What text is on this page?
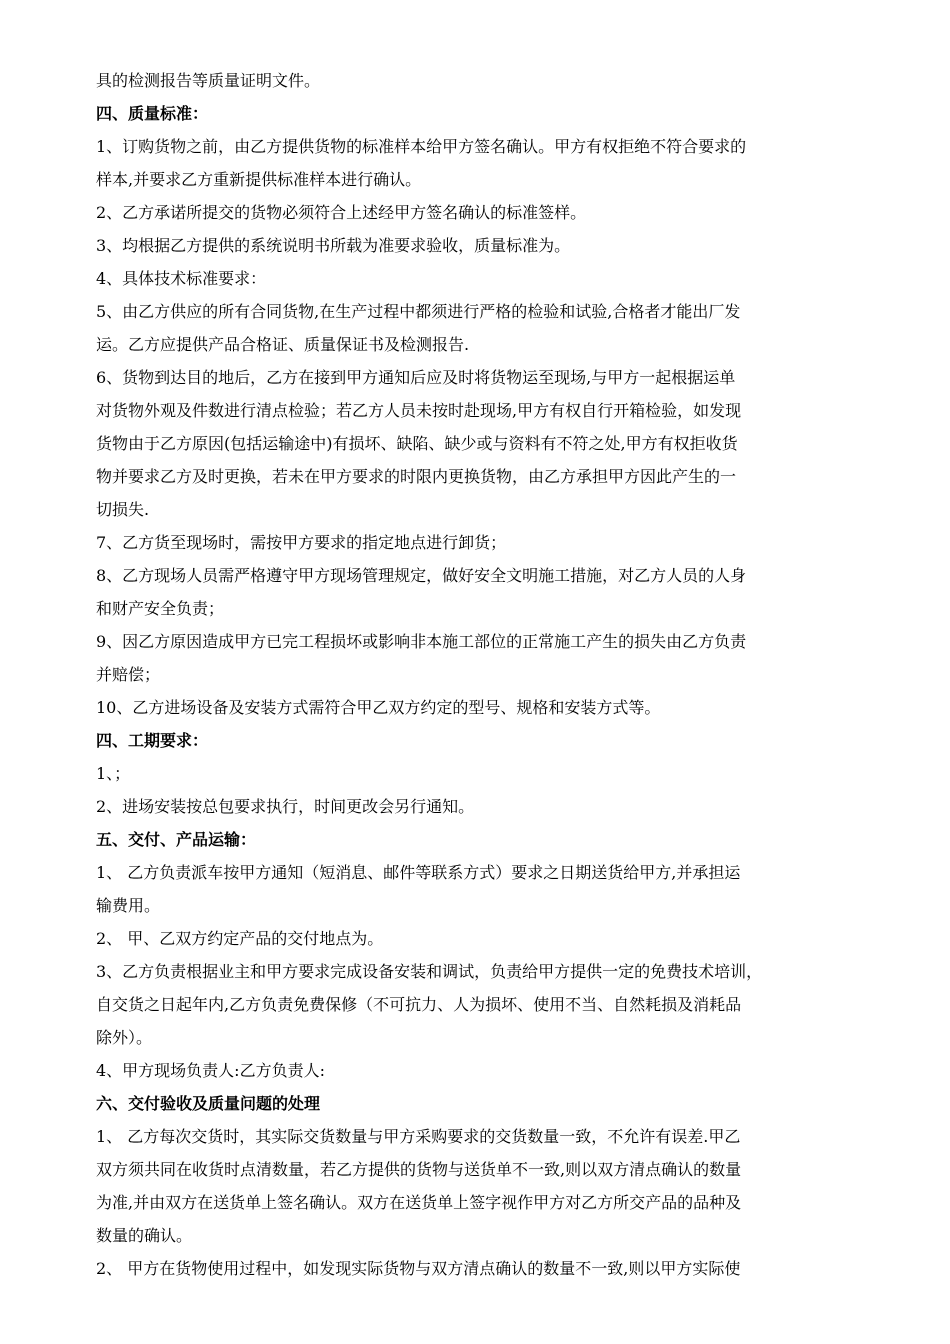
具的检测报告等质量证明文件。
四、质量标准：
1、订购货物之前，由乙方提供货物的标准样本给甲方签名确认。甲方有权拒绝不符合要求的
样本,并要求乙方重新提供标准样本进行确认。
2、乙方承诺所提交的货物必须符合上述经甲方签名确认的标准签样。
3、均根据乙方提供的系统说明书所载为准要求验收，质量标准为。
4、具体技术标准要求：
5、由乙方供应的所有合同货物,在生产过程中都须进行严格的检验和试验,合格者才能出厂发
运。乙方应提供产品合格证、质量保证书及检测报告.
6、货物到达目的地后，乙方在接到甲方通知后应及时将货物运至现场,与甲方一起根据运单
对货物外观及件数进行清点检验；若乙方人员未按时赴现场,甲方有权自行开箱检验，如发现
货物由于乙方原因(包括运输途中)有损坏、缺陷、缺少或与资料有不符之处,甲方有权拒收货
物并要求乙方及时更换，若未在甲方要求的时限内更换货物，由乙方承担甲方因此产生的一
切损失.
7、乙方货至现场时，需按甲方要求的指定地点进行卸货；
8、乙方现场人员需严格遵守甲方现场管理规定，做好安全文明施工措施，对乙方人员的人身
和财产安全负责；
9、因乙方原因造成甲方已完工程损坏或影响非本施工部位的正常施工产生的损失由乙方负责
并赔偿；
10、乙方进场设备及安装方式需符合甲乙双方约定的型号、规格和安装方式等。
四、工期要求：
1、；
2、进场安装按总包要求执行，时间更改会另行通知。
五、交付、产品运输：
1、 乙方负责派车按甲方通知（短消息、邮件等联系方式）要求之日期送货给甲方,并承担运
输费用。
2、 甲、乙双方约定产品的交付地点为。
3、乙方负责根据业主和甲方要求完成设备安装和调试，负责给甲方提供一定的免费技术培训，
自交货之日起年内,乙方负责免费保修（不可抗力、人为损坏、使用不当、自然耗损及消耗品
除外）。
4、甲方现场负责人:乙方负责人:
六、交付验收及质量问题的处理
1、 乙方每次交货时，其实际交货数量与甲方采购要求的交货数量一致，不允许有误差.甲乙
双方须共同在收货时点清数量，若乙方提供的货物与送货单不一致,则以双方清点确认的数量
为准,并由双方在送货单上签名确认。双方在送货单上签字视作甲方对乙方所交产品的品种及
数量的确认。
2、 甲方在货物使用过程中，如发现实际货物与双方清点确认的数量不一致,则以甲方实际使
